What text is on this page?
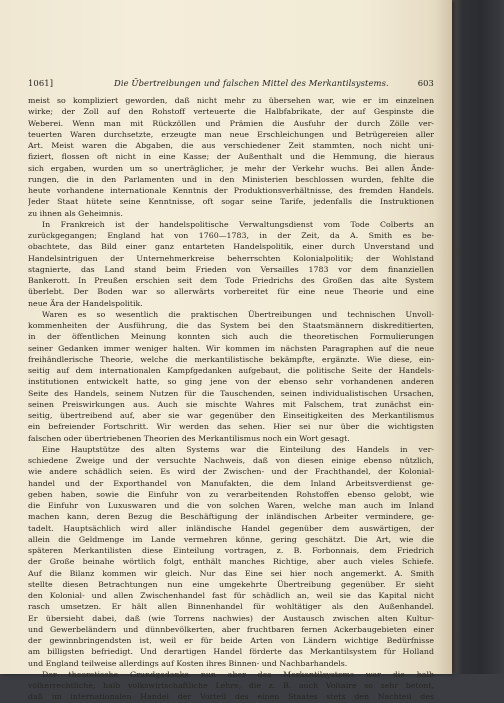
1061]	Die Übertreibungen und falschen Mittel des Merkantilsystems.	603
meist so kompliziert geworden, daß nicht mehr zu übersehen war, wie er im einzelnen
wirke; der Zoll auf den Rohstoff verteuerte die Halbfabrikate, der auf Gespinste die
Weberei. Wenn man mit Rückzöllen und Prämien die Ausfuhr der durch Zölle ver-
teuerten Waren durchsetzte, erzeugte man neue Erschleichungen und Betrügereien aller
Art. Meist waren die Abgaben, die aus verschiedener Zeit stammten, noch nicht uni-
fiziert, flossen oft nicht in eine Kasse; der Außenthalt und die Hemmung, die hieraus
sich ergaben, wurden um so unerträglicher, je mehr der Verkehr wuchs. Bei allen Ände-
rungen, die in den Parlamenten und in den Ministerien beschlossen wurden, fehlte die
heute vorhandene internationale Kenntnis der Produktionsverhältnisse, des fremden Handels.
Jeder Staat hütete seine Kenntnisse, oft sogar seine Tarife, jedenfalls die Instruktionen
zu ihnen als Geheimnis.
In Frankreich ist der handelspolitische Verwaltungsdienst vom Tode Colberts an
zurückgegangen; England hat von 1760—1783, in der Zeit, da A. Smith es be-
obachtete, das Bild einer ganz entarteten Handelspolitik, einer durch Unverstand und
Handelsintriguen der Unternehmerkreise beherrschten Kolonialpolitik; der Wohlstand
stagnierte, das Land stand beim Frieden von Versailles 1783 vor dem finanziellen
Bankerott. In Preußen erschien seit dem Tode Friedrichs des Großen das alte System
überlebt. Der Boden war so allerwärts vorbereitet für eine neue Theorie und eine
neue Ära der Handelspolitik.
Waren es so wesentlich die praktischen Übertreibungen und technischen Unvoll-
kommenheiten der Ausführung, die das System bei den Staatsmännern diskreditierten,
in der öffentlichen Meinung konnten sich auch die theoretischen Formulierungen
seiner Gedanken immer weniger halten. Wir kommen im nächsten Paragraphen auf die neue
freihändlerische Theorie, welche die merkantilistische bekämpfte, ergänzte. Wie diese, ein-
seitig auf dem internationalen Kampfgedanken aufgebaut, die politische Seite der Handels-
institutionen entwickelt hatte, so ging jene von der ebenso sehr vorhandenen anderen
Seite des Handels, seinem Nutzen für die Tauschenden, seinen individualistischen Ursachen,
seinen Preiswirkungen aus. Auch sie mischte Wahres mit Falschem, trat zunächst ein-
seitig, übertreibend auf, aber sie war gegenüber den Einseitigkeiten des Merkantilismus
ein befreiender Fortschritt. Wir werden das sehen. Hier sei nur über die wichtigsten
falschen oder übertriebenen Theorien des Merkantilismus noch ein Wort gesagt.
Eine Hauptstütze des alten Systems war die Einteilung des Handels in ver-
schiedene Zweige und der versuchte Nachweis, daß von diesen einige ebenso nützlich,
wie andere schädlich seien. Es wird der Zwischen- und der Frachthandel, der Kolonial-
handel und der Exporthandel von Manufakten, die dem Inland Arbeitsverdienst ge-
geben haben, sowie die Einfuhr von zu verarbeitenden Rohstoffen ebenso gelobt, wie
die Einfuhr von Luxuswaren und die von solchen Waren, welche man auch im Inland
machen kann, deren Bezug die Beschäftigung der inländischen Arbeiter vermindere, ge-
tadelt. Hauptsächlich wird aller inländische Handel gegenüber dem auswärtigen, der
allein die Geldmenge im Lande vermehren könne, gering geschätzt. Die Art, wie die
späteren Merkantilisten diese Einteilung vortragen, z. B. Forbonnais, dem Friedrich
der Große beinahe wörtlich folgt, enthält manches Richtige, aber auch vieles Schiefe.
Auf die Bilanz kommen wir gleich. Nur das Eine sei hier noch angemerkt. A. Smith
stellte diesen Betrachtungen nun eine umgekehrte Übertreibung gegenüber. Er sieht
den Kolonial- und allen Zwischenhandel fast für schädlich an, weil sie das Kapital nicht
rasch umsetzen. Er hält allen Binnenhandel für wohltätiger als den Außenhandel.
Er übersieht dabei, daß (wie Torrens nachwies) der Austausch zwischen alten Kultur-
und Gewerbeländern und dünnbevölkerten, aber fruchtbaren fernen Ackerbaugebieten einer
der gewinnbringendsten ist, weil er für beide Arten von Ländern wichtige Bedürfnisse
am billigsten befriedigt. Und derartigen Handel förderte das Merkantilsystem für Holland
und England teilweise allerdings auf Kosten ihres Binnen- und Nachbarhandels.
Der theoretische Grundgedanke nun aber des Merkantilsystems war die halb
völkerrechtliche, halb volkswirtschaftliche Lehre, die z. B. auch Voltaire so sehr betont,
daß im internationalen Handel der Vorteil des einen Staates stets den Nachteil des
